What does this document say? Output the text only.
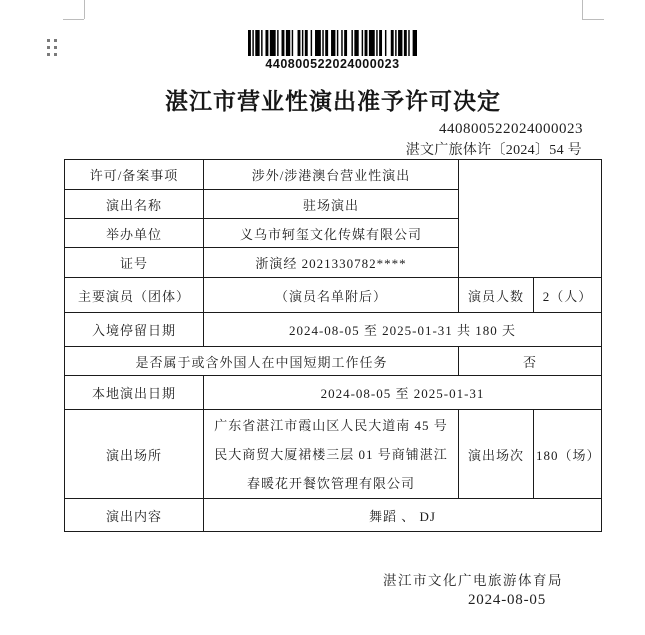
440800522024000023
湛江市营业性演出准予许可决定
440800522024000023
湛文广旅体许〔2024〕54 号
许可/备案事项	涉外/涉港澳台营业性演出		
演出名称	驻场演出		
举办单位	义乌市轲玺文化传媒有限公司		
证号	浙演经 2021330782****		
主要演员（团体）	（演员名单附后）	演员人数	2（人）
入境停留日期	2024-08-05 至 2025-01-31 共 180 天		
是否属于或含外国人在中国短期工作任务		否	
本地演出日期	2024-08-05 至 2025-01-31		
演出场所	广东省湛江市霞山区人民大道南 45 号
民大商贸大厦裙楼三层 01 号商铺湛江
春暖花开餐饮管理有限公司	演出场次	180（场）
演出内容	舞蹈 、 DJ		
湛江市文化广电旅游体育局
2024-08-05
